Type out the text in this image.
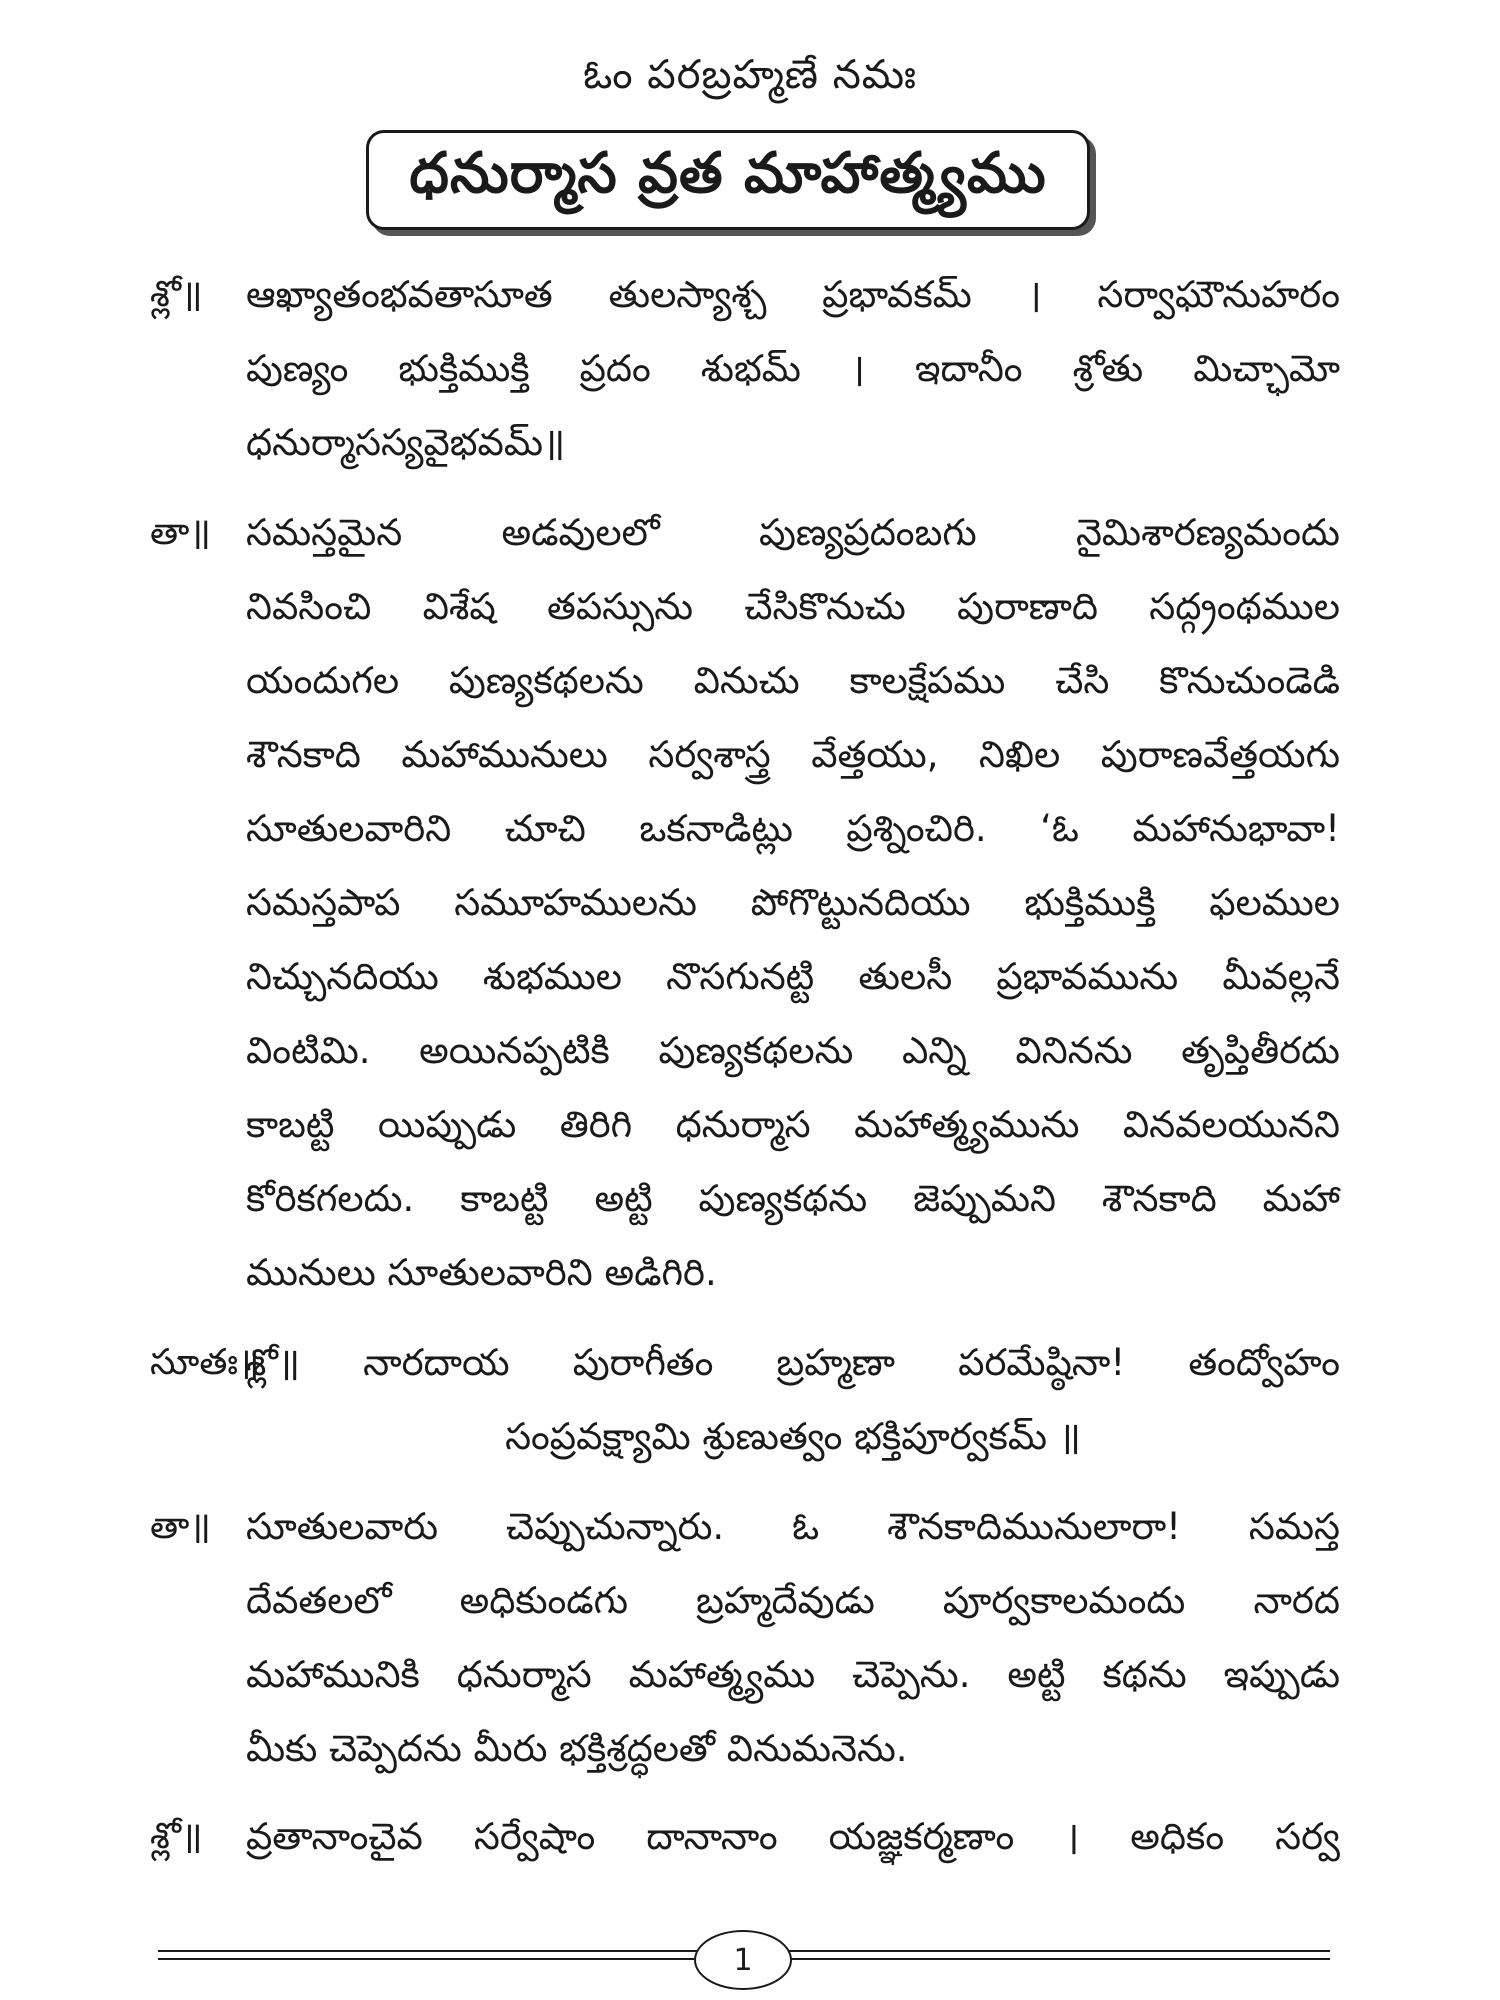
ఓం పరబ్రహ్మణే నమః
ధనుర్మాస వ్రత మాహాత్మ్యము
శ్లో॥	ఆఖ్యాతంభవతాసూత తులస్యాశ్చ ప్రభావకమ్ । సర్వాఘౌనుహరం
పుణ్యం భుక్తిముక్తి ప్రదం శుభమ్ । ఇదానీం శ్రోతు మిచ్ఛామో
ధనుర్మాసస్యవైభవమ్॥
తా॥ సమస్తమైన అడవులలో పుణ్యప్రదంబగు నైమిశారణ్యమందు
నివసించి విశేష తపస్సును చేసికొనుచు పురాణాది సద్గ్రంథముల
యందుగల పుణ్యకథలను వినుచు కాలక్షేపము చేసి కొనుచుండెడి
శౌనకాది మహామునులు సర్వశాస్త్ర వేత్తయు, నిఖిల పురాణవేత్తయగు
సూతులవారిని చూచి ఒకనాడిట్లు ప్రశ్నించిరి. ‘ఓ మహానుభావా!
సమస్తపాప సమూహములను పోగొట్టునదియు భుక్తిముక్తి ఫలముల
నిచ్చునదియు శుభముల నొసగునట్టి తులసీ ప్రభావమును మీవల్లనే
వింటిమి. అయినప్పటికి పుణ్యకథలను ఎన్ని వినినను తృప్తితీరదు
కాబట్టి యిప్పుడు తిరిగి ధనుర్మాస మహాత్మ్యమును వినవలయునని
కోరికగలదు. కాబట్టి అట్టి పుణ్యకథను జెప్పుమని శౌనకాది మహా
మునులు సూతులవారిని అడిగిరి.
సూతః॥
శ్లో॥ నారదాయ పురాగీతం బ్రహ్మణా పరమేష్ఠినా! తంద్వోహం
సంప్రవక్ష్యామి శ్రుణుత్వం భక్తిపూర్వకమ్ ॥
తా॥ సూతులవారు చెప్పుచున్నారు. ఓ శౌనకాదిమునులారా! సమస్త
దేవతలలో అధికుండగు బ్రహ్మదేవుడు పూర్వకాలమందు నారద
మహామునికి ధనుర్మాస మహాత్మ్యము చెప్పెను. అట్టి కథను ఇప్పుడు
మీకు చెప్పెదను మీరు భక్తిశ్రద్ధలతో వినుమనెను.
శ్లో॥	వ్రతానాంచైవ సర్వేషాం దానానాం యజ్ఞకర్మణాం । అధికం సర్వ
1
